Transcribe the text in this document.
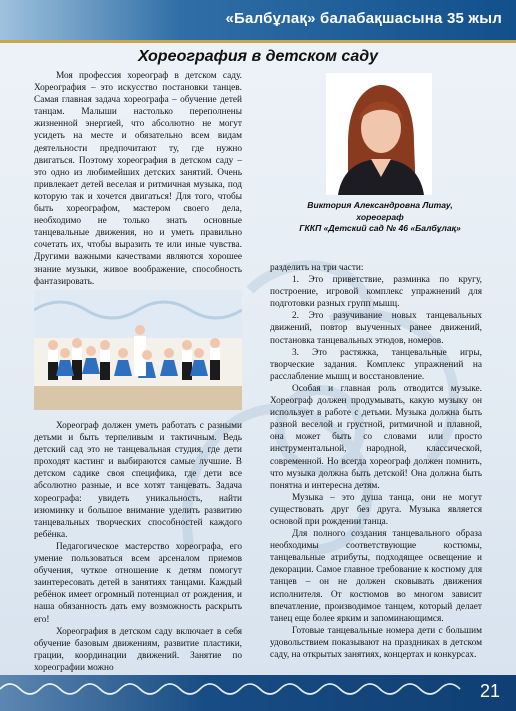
«Балбұлақ» балабақшасына 35 жыл
Хореография в детском саду

Моя профессия хореограф в детском саду. Хореография – это искусство постановки танцев. Самая главная задача хореографа – обучение детей танцам. Малыши настолько переполнены жизненной энергией, что абсолютно не могут усидеть на месте и обязательно всем видам деятельности предпочитают ту, где нужно двигаться. Поэтому хореография в детском саду – это одно из любимейших детских занятий. Очень привлекает детей веселая и ритмичная музыка, под которую так и хочется двигаться! Для того, чтобы быть хореографом, мастером своего дела, необходимо не только знать основные танцевальные движения, но и уметь правильно сочетать их, чтобы выразить те или иные чувства. Другими важными качествами являются хорошее знание музыки, живое воображение, способность фантазировать.

Виктория Александровна Литау,
хореограф
ГККП «Детский сад № 46 «Балбұлақ»

Хореограф должен уметь работать с разными детьми и быть терпеливым и тактичным. Ведь детский сад это не танцевальная студия, где дети проходят кастинг и выбираются самые лучшие. В детском садике своя специфика, где дети все абсолютно разные, и все хотят танцевать. Задача хореографа: увидеть уникальность, найти изюминку и большое внимание уделить развитию танцевальных творческих способностей каждого ребёнка.

Педагогическое мастерство хореографа, его умение пользоваться всем арсеналом приемов обучения, чуткое отношение к детям помогут заинтересовать детей в занятиях танцами. Каждый ребёнок имеет огромный потенциал от рождения, и наша обязанность дать ему возможность раскрыть его!

Хореография в детском саду включает в себя обучение базовым движениям, развитие пластики, грации, координации движений. Занятие по хореографии можно

разделить на три части:

1. Это приветствие, разминка по кругу, построение, игровой комплекс упражнений для подготовки разных групп мышц.

2. Это разучивание новых танцевальных движений, повтор выученных ранее движений, постановка танцевальных этюдов, номеров.

3. Это растяжка, танцевальные игры, творческие задания. Комплекс упражнений на расслабление мышц и восстановление.

Особая и главная роль отводится музыке. Хореограф должен продумывать, какую музыку он использует в работе с детьми. Музыка должна быть разной веселой и грустной, ритмичной и плавной, она может быть со словами или просто инструментальной, народной, классической, современной. Но всегда хореограф должен помнить, что музыка должна быть детской! Она должна быть понятна и интересна детям.

Музыка – это душа танца, они не могут существовать друг без друга. Музыка является основой при рождении танца.

Для полного создания танцевального образа необходимы соответствующие костюмы, танцевальные атрибуты, подходящее освещение и декорации. Самое главное требование к костюму для танцев – он не должен сковывать движения исполнителя. От костюмов во многом зависит впечатление, производимое танцем, который делает танец еще более ярким и запоминающимся.

Готовые танцевальные номера дети с большим удовольствием показывают на праздниках в детском саду, на открытых занятиях, концертах и конкурсах.

21
